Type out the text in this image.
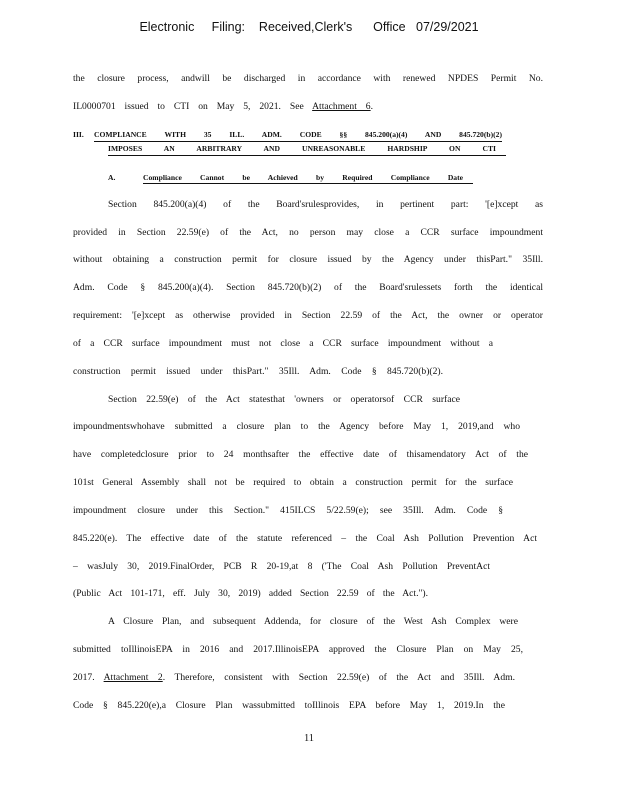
Electronic     Filing:    Received,Clerk's      Office   07/29/2021
the closure process, andwill be discharged in accordance with renewed NPDES Permit No.
IL0000701 issued to CTI on May 5, 2021. See Attachment 6.
III. COMPLIANCE WITH 35 ILL. ADM. CODE §§ 845.200(a)(4) AND 845.720(b)(2)
IMPOSES AN ARBITRARY AND UNREASONABLE HARDSHIP ON CTI
A.	Compliance Cannot be Achieved by Required Compliance Date
Section 845.200(a)(4) of the Board'srulesprovides, in pertinent part: '[e]xcept as
provided in Section 22.59(e) of the Act, no person may close a CCR surface impoundment
without obtaining a construction permit for closure issued by the Agency under thisPart." 35Ill.
Adm. Code § 845.200(a)(4). Section 845.720(b)(2) of the Board'srulessets forth the identical
requirement: '[e]xcept as otherwise provided in Section 22.59 of the Act, the owner or operator
of a CCR surface impoundment must not close a CCR surface impoundment without a
construction permit issued under thisPart." 35Ill. Adm. Code § 845.720(b)(2).
Section 22.59(e) of the Act statesthat 'owners or operatorsof CCR surface
impoundmentswhohave submitted a closure plan to the Agency before May 1, 2019,and who
have completedclosure prior to 24 monthsafter the effective date of thisamendatory Act of the
101st General Assembly shall not be required to obtain a construction permit for the surface
impoundment closure under this Section." 415ILCS 5/22.59(e); see 35Ill. Adm. Code §
845.220(e). The effective date of the statute referenced – the Coal Ash Pollution Prevention Act
– wasJuly 30, 2019.FinalOrder, PCB R 20-19,at 8 ('The Coal Ash Pollution PreventAct
(Public Act 101-171, eff. July 30, 2019) added Section 22.59 of the Act.").
A Closure Plan, and subsequent Addenda, for closure of the West Ash Complex were
submitted toIllinoisEPA in 2016 and 2017.IllinoisEPA approved the Closure Plan on May 25,
2017. Attachment 2. Therefore, consistent with Section 22.59(e) of the Act and 35Ill. Adm.
Code § 845.220(e),a Closure Plan wassubmitted toIllinois EPA before May 1, 2019.In the
11
